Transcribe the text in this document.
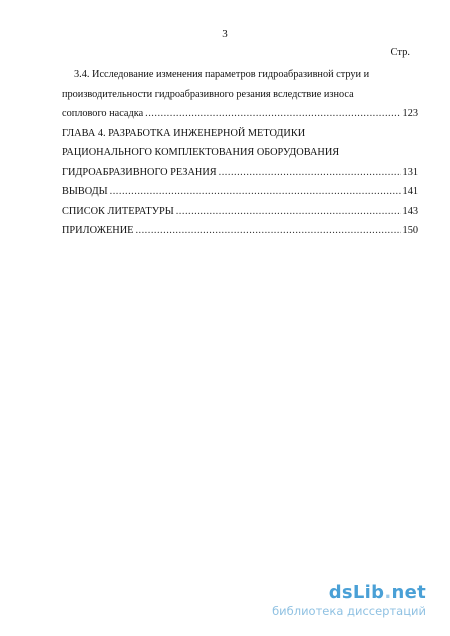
3
Стр.
3.4. Исследование изменения параметров гидроабразивной струи и
производительности гидроабразивного резания вследствие износа
соплового насадка .....	123
ГЛАВА 4. РАЗРАБОТКА ИНЖЕНЕРНОЙ МЕТОДИКИ
РАЦИОНАЛЬНОГО КОМПЛЕКТОВАНИЯ ОБОРУДОВАНИЯ
ГИДРОАБРАЗИВНОГО РЕЗАНИЯ .....	131
ВЫВОДЫ .....	141
СПИСОК ЛИТЕРАТУРЫ .....	143
ПРИЛОЖЕНИЕ .....	150
dsLib.net
библиотека диссертаций
